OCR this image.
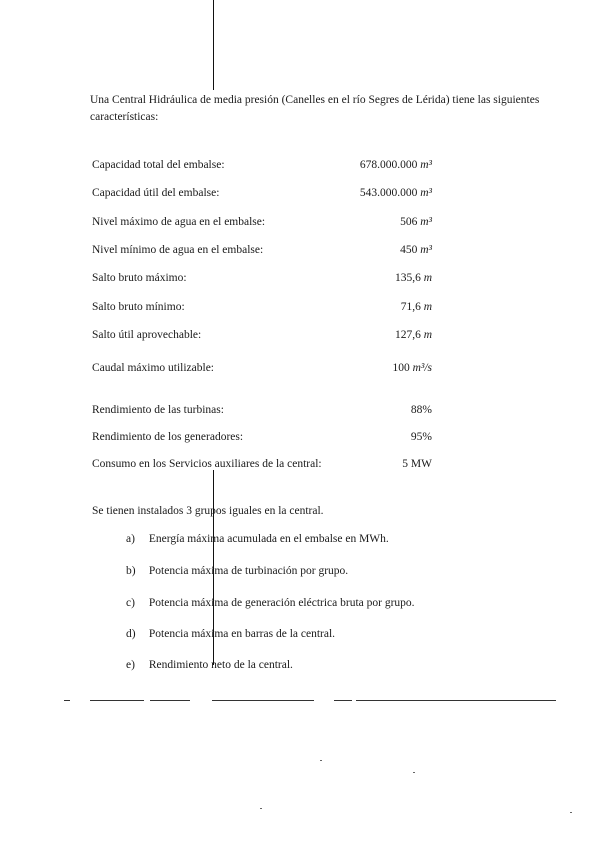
Una Central Hidráulica de media presión (Canelles en el río Segres de Lérida) tiene las siguientes características:

Capacidad total del embalse:	678.000.000 m³
Capacidad útil del embalse:	543.000.000 m³
Nivel máximo de agua en el embalse:	506 m³
Nivel mínimo de agua en el embalse:	450 m³
Salto bruto máximo:	135,6 m
Salto bruto mínimo:	71,6 m
Salto útil aprovechable:	127,6 m
Caudal máximo utilizable:	100 m³/s
Rendimiento de las turbinas:	88%
Rendimiento de los generadores:	95%
Consumo en los Servicios auxiliares de la central:	5 MW
Se tienen instalados 3 grupos iguales en la central.
a) Energía máxima acumulada en el embalse en MWh.
b) Potencia máxima de turbinación por grupo.
c) Potencia máxima de generación eléctrica bruta por grupo.
d) Potencia máxima en barras de la central.
e) Rendimiento neto de la central.
